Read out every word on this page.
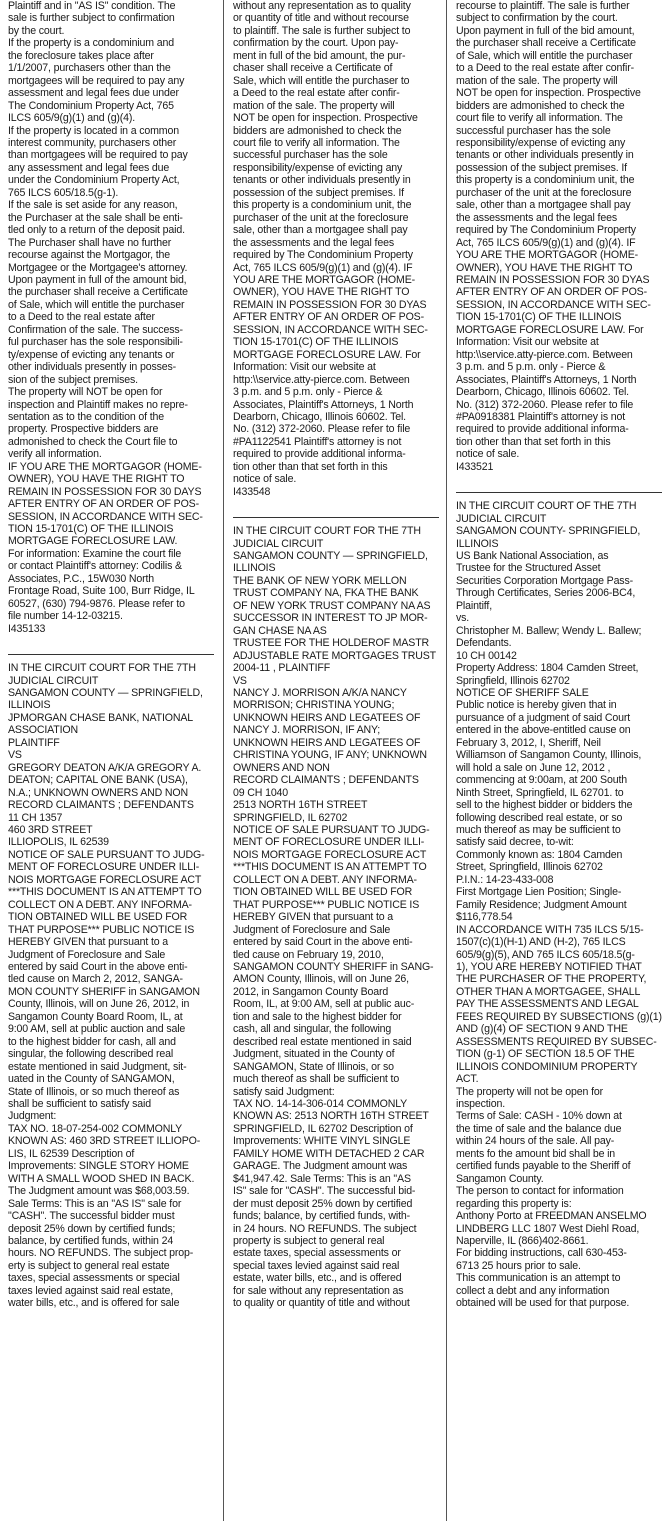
Plaintiff and in "AS IS" condition. The
sale is further subject to confirmation
by the court.
If the property is a condominium and
the foreclosure takes place after
1/1/2007, purchasers other than the
mortgagees will be required to pay any
assessment and legal fees due under
The Condominium Property Act, 765
ILCS 605/9(g)(1) and (g)(4).
If the property is located in a common
interest community, purchasers other
than mortgagees will be required to pay
any assessment and legal fees due
under the Condominium Property Act,
765 ILCS 605/18.5(g-1).
If the sale is set aside for any reason,
the Purchaser at the sale shall be enti-
tled only to a return of the deposit paid.
The Purchaser shall have no further
recourse against the Mortgagor, the
Mortgagee or the Mortgagee's attorney.
Upon payment in full of the amount bid,
the purchaser shall receive a Certificate
of Sale, which will entitle the purchaser
to a Deed to the real estate after
Confirmation of the sale. The success-
ful purchaser has the sole responsibili-
ty/expense of evicting any tenants or
other individuals presently in posses-
sion of the subject premises.
The property will NOT be open for
inspection and Plaintiff makes no repre-
sentation as to the condition of the
property. Prospective bidders are
admonished to check the Court file to
verify all information.
IF YOU ARE THE MORTGAGOR (HOME-
OWNER), YOU HAVE THE RIGHT TO
REMAIN IN POSSESSION FOR 30 DAYS
AFTER ENTRY OF AN ORDER OF POS-
SESSION, IN ACCORDANCE WITH SEC-
TION 15-1701(C) OF THE ILLINOIS
MORTGAGE FORECLOSURE LAW.
For information: Examine the court file
or contact Plaintiff's attorney: Codilis &
Associates, P.C., 15W030 North
Frontage Road, Suite 100, Burr Ridge, IL
60527, (630) 794-9876. Please refer to
file number 14-12-03215.
I435133
IN THE CIRCUIT COURT FOR THE 7TH
JUDICIAL CIRCUIT
SANGAMON COUNTY — SPRINGFIELD,
ILLINOIS
JPMORGAN CHASE BANK, NATIONAL
ASSOCIATION
PLAINTIFF
VS
GREGORY DEATON A/K/A GREGORY A.
DEATON; CAPITAL ONE BANK (USA),
N.A.; UNKNOWN OWNERS AND NON
RECORD CLAIMANTS ; DEFENDANTS
11 CH 1357
460 3RD STREET
ILLIOPOLIS, IL 62539
NOTICE OF SALE PURSUANT TO JUDG-
MENT OF FORECLOSURE UNDER ILLI-
NOIS MORTGAGE FORECLOSURE ACT
***THIS DOCUMENT IS AN ATTEMPT TO
COLLECT ON A DEBT. ANY INFORMA-
TION OBTAINED WILL BE USED FOR
THAT PURPOSE*** PUBLIC NOTICE IS
HEREBY GIVEN that pursuant to a
Judgment of Foreclosure and Sale
entered by said Court in the above enti-
tled cause on March 2, 2012, SANGA-
MON COUNTY SHERIFF in SANGAMON
County, Illinois, will on June 26, 2012, in
Sangamon County Board Room, IL, at
9:00 AM, sell at public auction and sale
to the highest bidder for cash, all and
singular, the following described real
estate mentioned in said Judgment, sit-
uated in the County of SANGAMON,
State of Illinois, or so much thereof as
shall be sufficient to satisfy said
Judgment:
TAX NO. 18-07-254-002 COMMONLY
KNOWN AS: 460 3RD STREET ILLIOPO-
LIS, IL 62539 Description of
Improvements: SINGLE STORY HOME
WITH A SMALL WOOD SHED IN BACK.
The Judgment amount was $68,003.59.
Sale Terms: This is an "AS IS" sale for
"CASH". The successful bidder must
deposit 25% down by certified funds;
balance, by certified funds, within 24
hours. NO REFUNDS. The subject prop-
erty is subject to general real estate
taxes, special assessments or special
taxes levied against said real estate,
water bills, etc., and is offered for sale
without any representation as to quality
or quantity of title and without recourse
to plaintiff. The sale is further subject to
confirmation by the court. Upon pay-
ment in full of the bid amount, the pur-
chaser shall receive a Certificate of
Sale, which will entitle the purchaser to
a Deed to the real estate after confir-
mation of the sale. The property will
NOT be open for inspection. Prospective
bidders are admonished to check the
court file to verify all information. The
successful purchaser has the sole
responsibility/expense of evicting any
tenants or other individuals presently in
possession of the subject premises. If
this property is a condominium unit, the
purchaser of the unit at the foreclosure
sale, other than a mortgagee shall pay
the assessments and the legal fees
required by The Condominium Property
Act, 765 ILCS 605/9(g)(1) and (g)(4). IF
YOU ARE THE MORTGAGOR (HOME-
OWNER), YOU HAVE THE RIGHT TO
REMAIN IN POSSESSION FOR 30 DYAS
AFTER ENTRY OF AN ORDER OF POS-
SESSION, IN ACCORDANCE WITH SEC-
TION 15-1701(C) OF THE ILLINOIS
MORTGAGE FORECLOSURE LAW. For
Information: Visit our website at
http:\\service.atty-pierce.com. Between
3 p.m. and 5 p.m. only - Pierce &
Associates, Plaintiff's Attorneys, 1 North
Dearborn, Chicago, Illinois 60602. Tel.
No. (312) 372-2060. Please refer to file
#PA1122541 Plaintiff's attorney is not
required to provide additional informa-
tion other than that set forth in this
notice of sale.
I433548
IN THE CIRCUIT COURT FOR THE 7TH
JUDICIAL CIRCUIT
SANGAMON COUNTY — SPRINGFIELD,
ILLINOIS
THE BANK OF NEW YORK MELLON
TRUST COMPANY NA, FKA THE BANK
OF NEW YORK TRUST COMPANY NA AS
SUCCESSOR IN INTEREST TO JP MOR-
GAN CHASE NA AS
TRUSTEE FOR THE HOLDEROF MASTR
ADJUSTABLE RATE MORTGAGES TRUST
2004-11 , PLAINTIFF
VS
NANCY J. MORRISON A/K/A NANCY
MORRISON; CHRISTINA YOUNG;
UNKNOWN HEIRS AND LEGATEES OF
NANCY J. MORRISON, IF ANY;
UNKNOWN HEIRS AND LEGATEES OF
CHRISTINA YOUNG, IF ANY; UNKNOWN
OWNERS AND NON
RECORD CLAIMANTS ; DEFENDANTS
09 CH 1040
2513 NORTH 16TH STREET
SPRINGFIELD, IL 62702
NOTICE OF SALE PURSUANT TO JUDG-
MENT OF FORECLOSURE UNDER ILLI-
NOIS MORTGAGE FORECLOSURE ACT
***THIS DOCUMENT IS AN ATTEMPT TO
COLLECT ON A DEBT. ANY INFORMA-
TION OBTAINED WILL BE USED FOR
THAT PURPOSE*** PUBLIC NOTICE IS
HEREBY GIVEN that pursuant to a
Judgment of Foreclosure and Sale
entered by said Court in the above enti-
tled cause on February 19, 2010,
SANGAMON COUNTY SHERIFF in SANG-
AMON County, Illinois, will on June 26,
2012, in Sangamon County Board
Room, IL, at 9:00 AM, sell at public auc-
tion and sale to the highest bidder for
cash, all and singular, the following
described real estate mentioned in said
Judgment, situated in the County of
SANGAMON, State of Illinois, or so
much thereof as shall be sufficient to
satisfy said Judgment:
TAX NO. 14-14-306-014 COMMONLY
KNOWN AS: 2513 NORTH 16TH STREET
SPRINGFIELD, IL 62702 Description of
Improvements: WHITE VINYL SINGLE
FAMILY HOME WITH DETACHED 2 CAR
GARAGE. The Judgment amount was
$41,947.42. Sale Terms: This is an "AS
IS" sale for "CASH". The successful bid-
der must deposit 25% down by certified
funds; balance, by certified funds, with-
in 24 hours. NO REFUNDS. The subject
property is subject to general real
estate taxes, special assessments or
special taxes levied against said real
estate, water bills, etc., and is offered
for sale without any representation as
to quality or quantity of title and without
recourse to plaintiff. The sale is further
subject to confirmation by the court.
Upon payment in full of the bid amount,
the purchaser shall receive a Certificate
of Sale, which will entitle the purchaser
to a Deed to the real estate after confir-
mation of the sale. The property will
NOT be open for inspection. Prospective
bidders are admonished to check the
court file to verify all information. The
successful purchaser has the sole
responsibility/expense of evicting any
tenants or other individuals presently in
possession of the subject premises. If
this property is a condominium unit, the
purchaser of the unit at the foreclosure
sale, other than a mortgagee shall pay
the assessments and the legal fees
required by The Condominium Property
Act, 765 ILCS 605/9(g)(1) and (g)(4). IF
YOU ARE THE MORTGAGOR (HOME-
OWNER), YOU HAVE THE RIGHT TO
REMAIN IN POSSESSION FOR 30 DYAS
AFTER ENTRY OF AN ORDER OF POS-
SESSION, IN ACCORDANCE WITH SEC-
TION 15-1701(C) OF THE ILLINOIS
MORTGAGE FORECLOSURE LAW. For
Information: Visit our website at
http:\\service.atty-pierce.com. Between
3 p.m. and 5 p.m. only - Pierce &
Associates, Plaintiff's Attorneys, 1 North
Dearborn, Chicago, Illinois 60602. Tel.
No. (312) 372-2060. Please refer to file
#PA0918381 Plaintiff's attorney is not
required to provide additional informa-
tion other than that set forth in this
notice of sale.
I433521
IN THE CIRCUIT COURT OF THE 7TH
JUDICIAL CIRCUIT
SANGAMON COUNTY- SPRINGFIELD,
ILLINOIS
US Bank National Association, as
Trustee for the Structured Asset
Securities Corporation Mortgage Pass-
Through Certificates, Series 2006-BC4,
Plaintiff,
vs.
Christopher M. Ballew; Wendy L. Ballew;
Defendants.
10 CH 00142
Property Address: 1804 Camden Street,
Springfield, Illinois 62702
NOTICE OF SHERIFF SALE
Public notice is hereby given that in
pursuance of a judgment of said Court
entered in the above-entitled cause on
February 3, 2012, I, Sheriff, Neil
Williamson of Sangamon County, Illinois,
will hold a sale on June 12, 2012 ,
commencing at 9:00am, at 200 South
Ninth Street, Springfield, IL 62701. to
sell to the highest bidder or bidders the
following described real estate, or so
much thereof as may be sufficient to
satisfy said decree, to-wit:
Commonly known as: 1804 Camden
Street, Springfield, Illinois 62702
P.I.N.: 14-23-433-008
First Mortgage Lien Position; Single-
Family Residence; Judgment Amount
$116,778.54
IN ACCORDANCE WITH 735 ILCS 5/15-
1507(c)(1)(H-1) AND (H-2), 765 ILCS
605/9(g)(5), AND 765 ILCS 605/18.5(g-
1), YOU ARE HEREBY NOTIFIED THAT
THE PURCHASER OF THE PROPERTY,
OTHER THAN A MORTGAGEE, SHALL
PAY THE ASSESSMENTS AND LEGAL
FEES REQUIRED BY SUBSECTIONS (g)(1)
AND (g)(4) OF SECTION 9 AND THE
ASSESSMENTS REQUIRED BY SUBSEC-
TION (g-1) OF SECTION 18.5 OF THE
ILLINOIS CONDOMINIUM PROPERTY
ACT.
The property will not be open for
inspection.
Terms of Sale: CASH - 10% down at
the time of sale and the balance due
within 24 hours of the sale. All pay-
ments fo the amount bid shall be in
certified funds payable to the Sheriff of
Sangamon County.
The person to contact for information
regarding this property is:
Anthony Porto at FREEDMAN ANSELMO
LINDBERG LLC 1807 West Diehl Road,
Naperville, IL (866)402-8661.
For bidding instructions, call 630-453-
6713 25 hours prior to sale.
This communication is an attempt to
collect a debt and any information
obtained will be used for that purpose.
